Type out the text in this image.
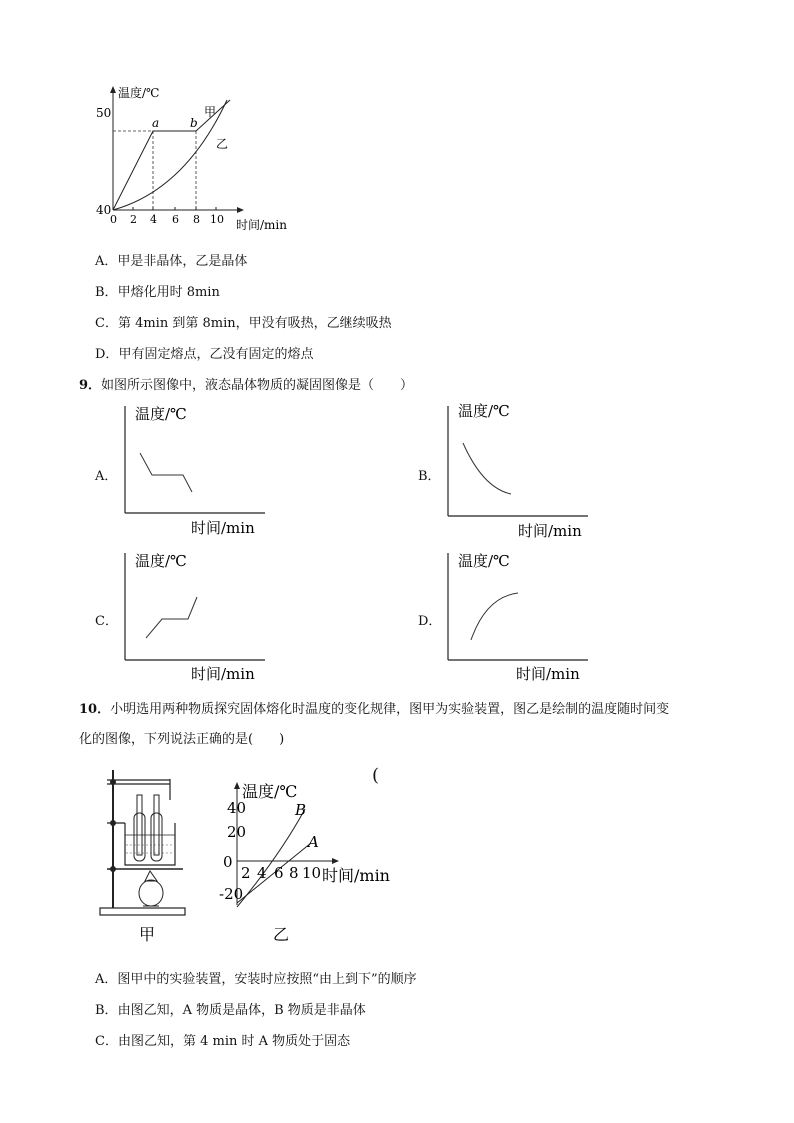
温度/℃
50
40
0 2 4 6 8 10 时间/min
a	b
甲
乙
A．甲是非晶体，乙是晶体
B．甲熔化用时 8min
C．第 4min 到第 8min，甲没有吸热，乙继续吸热
D．甲有固定熔点，乙没有固定的熔点
9．如图所示图像中，液态晶体物质的凝固图像是（　　）
A．
温度/℃
时间/min
B．
温度/℃
时间/min
C．
温度/℃
时间/min
D．
温度/℃
时间/min
10．小明选用两种物质探究固体熔化时温度的变化规律，图甲为实验装置，图乙是绘制的温度随时间变
化的图像，下列说法正确的是(　　)
甲
温度/℃
40
20
0
-20
2 4 6 8 10 时间/min
B
A
乙
(
A．图甲中的实验装置，安装时应按照“由上到下”的顺序
B．由图乙知，A 物质是晶体，B 物质是非晶体
C．由图乙知，第 4 min 时 A 物质处于固态
